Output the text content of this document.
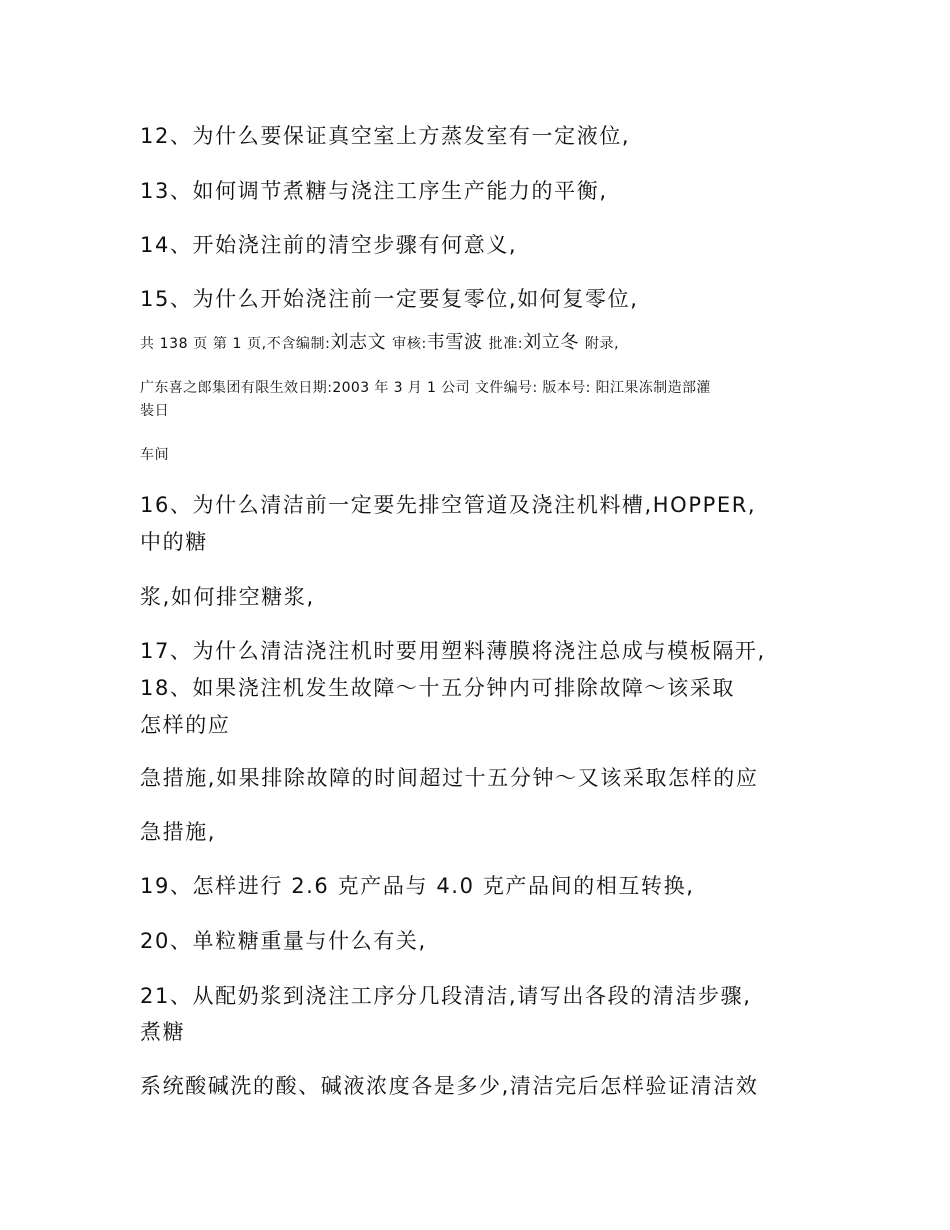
12、为什么要保证真空室上方蒸发室有一定液位,
13、如何调节煮糖与浇注工序生产能力的平衡,
14、开始浇注前的清空步骤有何意义,
15、为什么开始浇注前一定要复零位,如何复零位,
共 138 页 第 1 页,不含编制:刘志文 审核:韦雪波 批准:刘立冬 附录,
广东喜之郎集团有限生效日期:2003 年 3 月 1 公司 文件编号: 版本号: 阳江果冻制造部灌
装日
车间
16、为什么清洁前一定要先排空管道及浇注机料槽,HOPPER,
中的糖
浆,如何排空糖浆,
17、为什么清洁浇注机时要用塑料薄膜将浇注总成与模板隔开,
18、如果浇注机发生故障～十五分钟内可排除故障～该采取
怎样的应
急措施,如果排除故障的时间超过十五分钟～又该采取怎样的应
急措施,
19、怎样进行 2.6 克产品与 4.0 克产品间的相互转换,
20、单粒糖重量与什么有关,
21、从配奶浆到浇注工序分几段清洁,请写出各段的清洁步骤,
煮糖
系统酸碱洗的酸、碱液浓度各是多少,清洁完后怎样验证清洁效
